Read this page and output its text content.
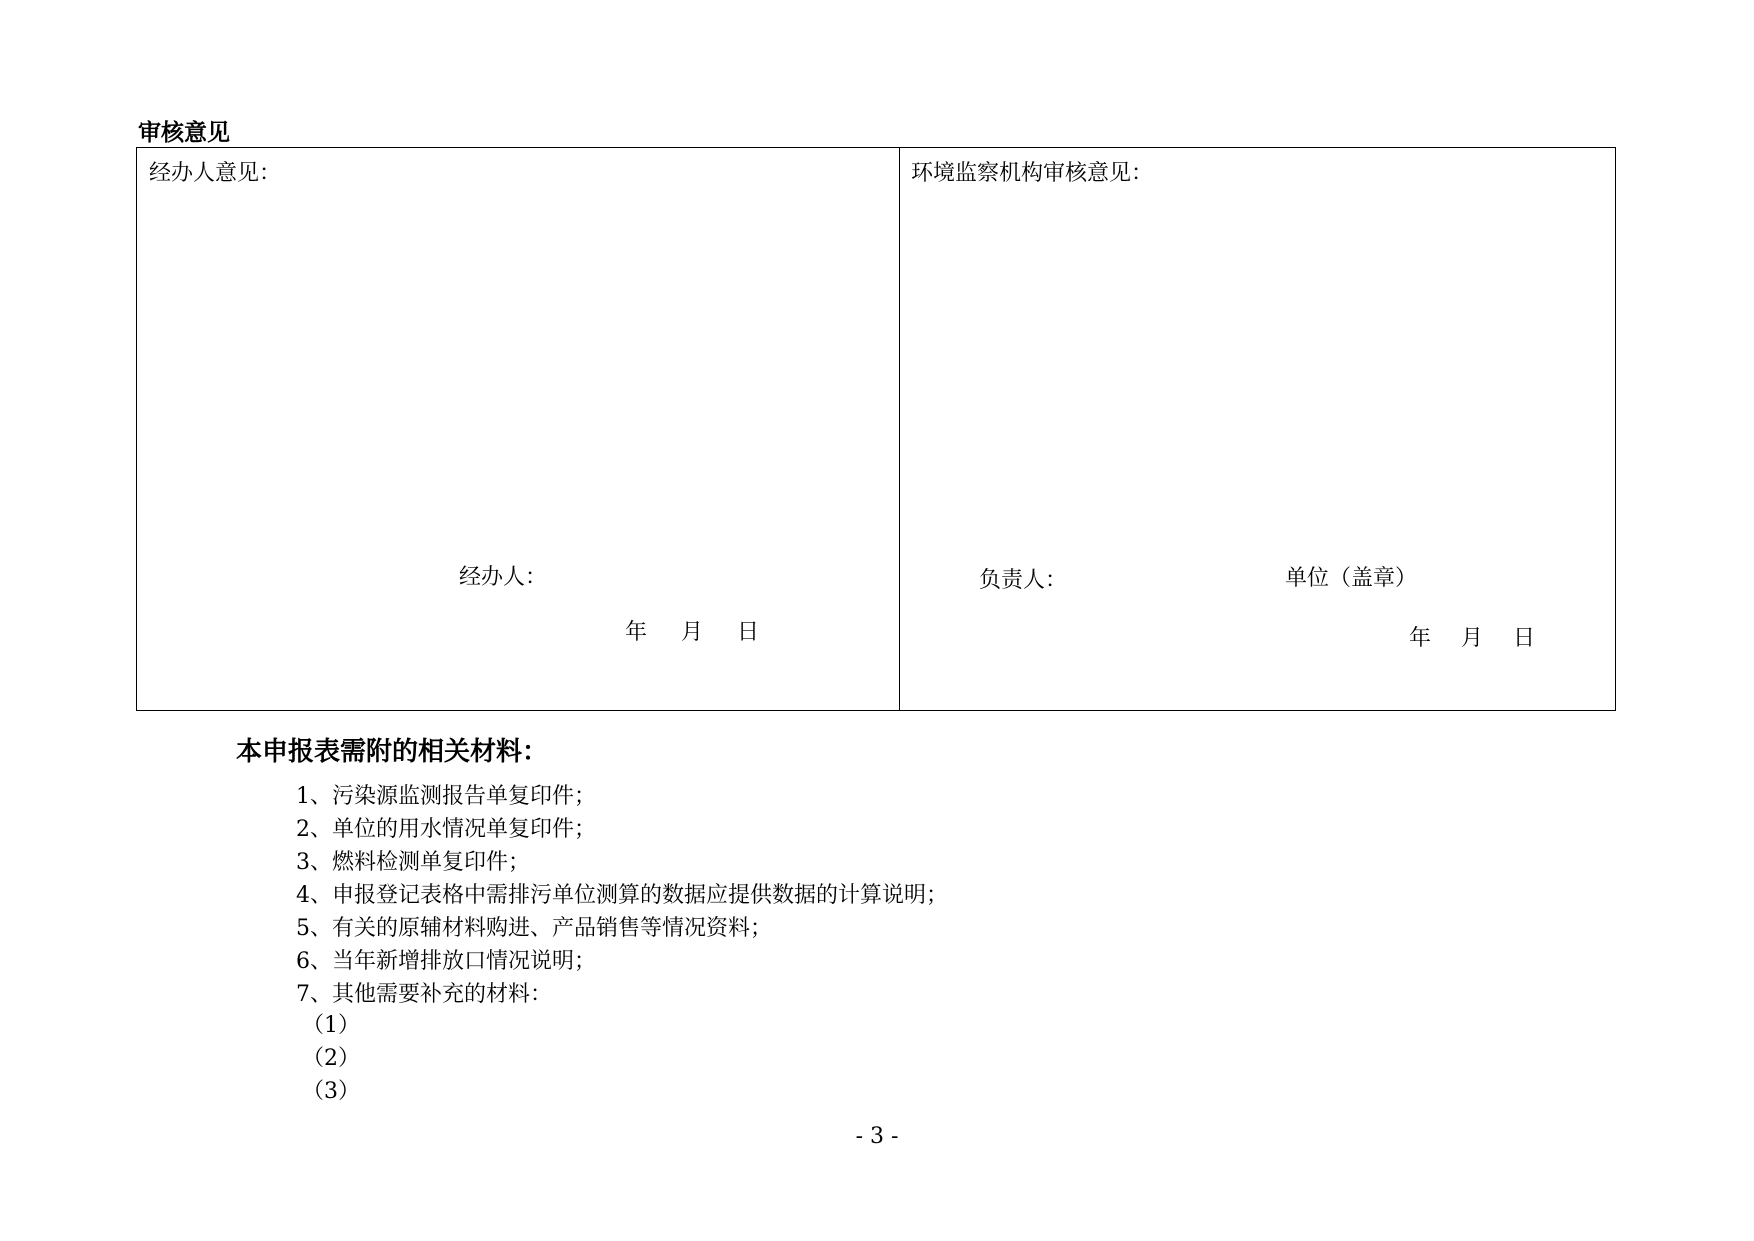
审核意见
经办人意见：
经办人：
年 月 日
环境监察机构审核意见：
负责人：	单位（盖章）
年 月 日
本申报表需附的相关材料：
1、污染源监测报告单复印件；
2、单位的用水情况单复印件；
3、燃料检测单复印件；
4、申报登记表格中需排污单位测算的数据应提供数据的计算说明；
5、有关的原辅材料购进、产品销售等情况资料；
6、当年新增排放口情况说明；
7、其他需要补充的材料：
（1）
（2）
（3）
- 3 -
